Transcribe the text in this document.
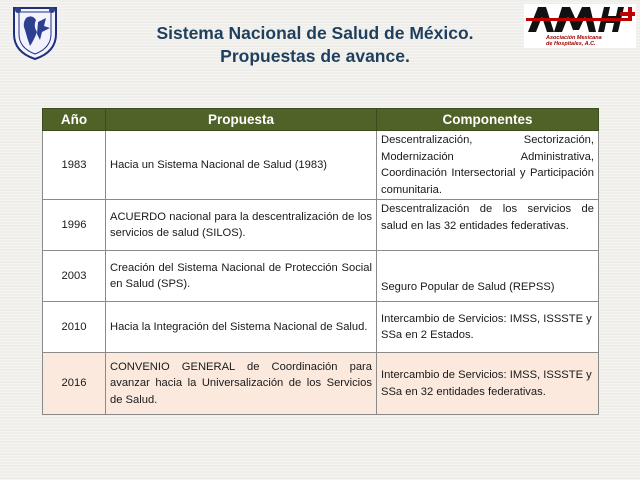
Asociación Mexicana
de Hospitales, A.C.
Sistema Nacional de Salud de México.
Propuestas de avance.
Año	Propuesta	Componentes
1983	Hacia un Sistema Nacional de Salud (1983)	Descentralización, Sectorización, Modernización Administrativa, Coordinación Intersectorial y Participación comunitaria.
1996	ACUERDO nacional para la descentralización de los servicios de salud (SILOS).	Descentralización de los servicios de salud en las 32 entidades federativas.
2003	Creación del Sistema Nacional de Protección Social en Salud (SPS).	Seguro Popular de Salud (REPSS)
2010	Hacia la Integración del Sistema Nacional de Salud.	Intercambio de Servicios: IMSS, ISSSTE y SSa en 2 Estados.
2016	CONVENIO GENERAL de Coordinación para avanzar hacia la Universalización de los Servicios de Salud.	Intercambio de Servicios: IMSS, ISSSTE y SSa en 32 entidades federativas.
